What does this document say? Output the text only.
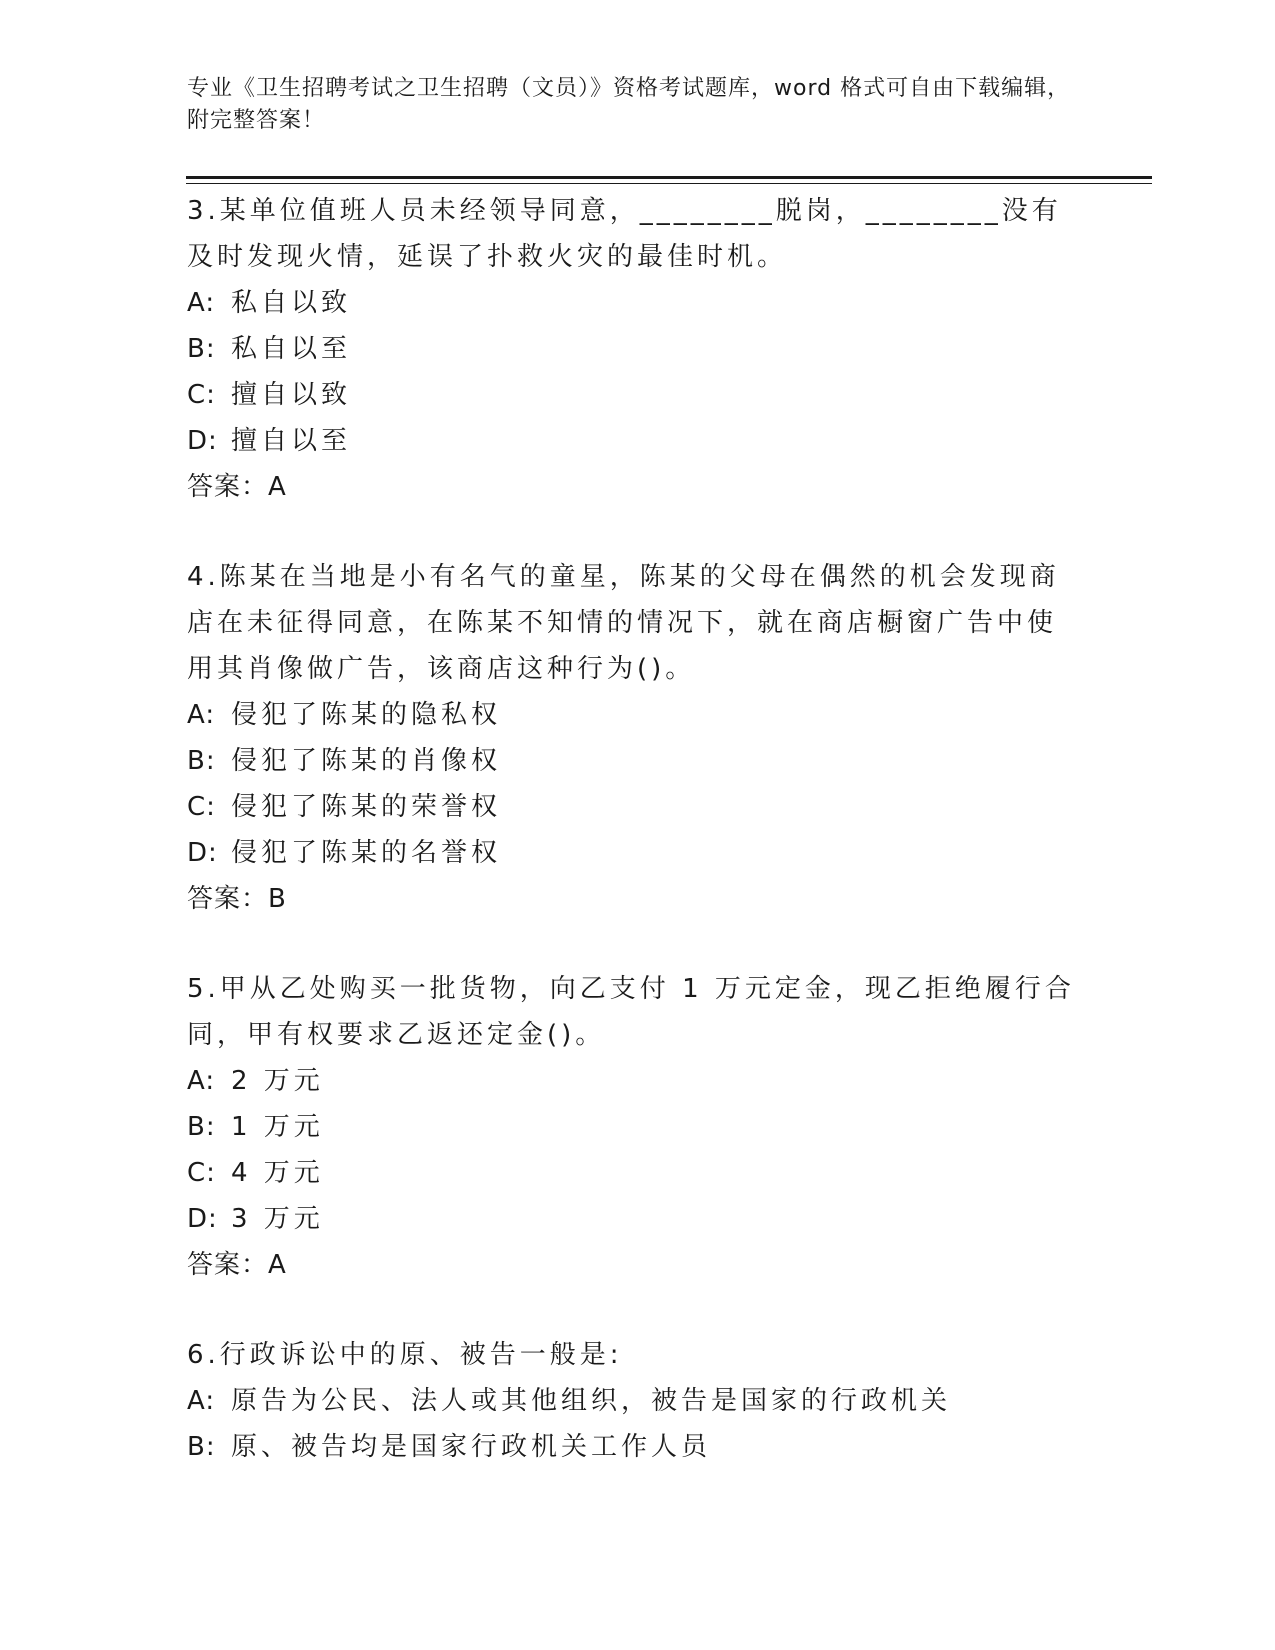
专业《卫生招聘考试之卫生招聘（文员）》资格考试题库，word 格式可自由下载编辑，附完整答案！

3.某单位值班人员未经领导同意，________脱岗，________没有及时发现火情，延误了扑救火灾的最佳时机。

A: 私自以致

B: 私自以至

C: 擅自以致

D: 擅自以至

答案：A

4.陈某在当地是小有名气的童星，陈某的父母在偶然的机会发现商店在未征得同意，在陈某不知情的情况下，就在商店橱窗广告中使用其肖像做广告，该商店这种行为()。

A: 侵犯了陈某的隐私权

B: 侵犯了陈某的肖像权

C: 侵犯了陈某的荣誉权

D: 侵犯了陈某的名誉权

答案：B

5.甲从乙处购买一批货物，向乙支付 1 万元定金，现乙拒绝履行合同，甲有权要求乙返还定金()。

A: 2 万元

B: 1 万元

C: 4 万元

D: 3 万元

答案：A

6.行政诉讼中的原、被告一般是:

A: 原告为公民、法人或其他组织，被告是国家的行政机关

B: 原、被告均是国家行政机关工作人员
